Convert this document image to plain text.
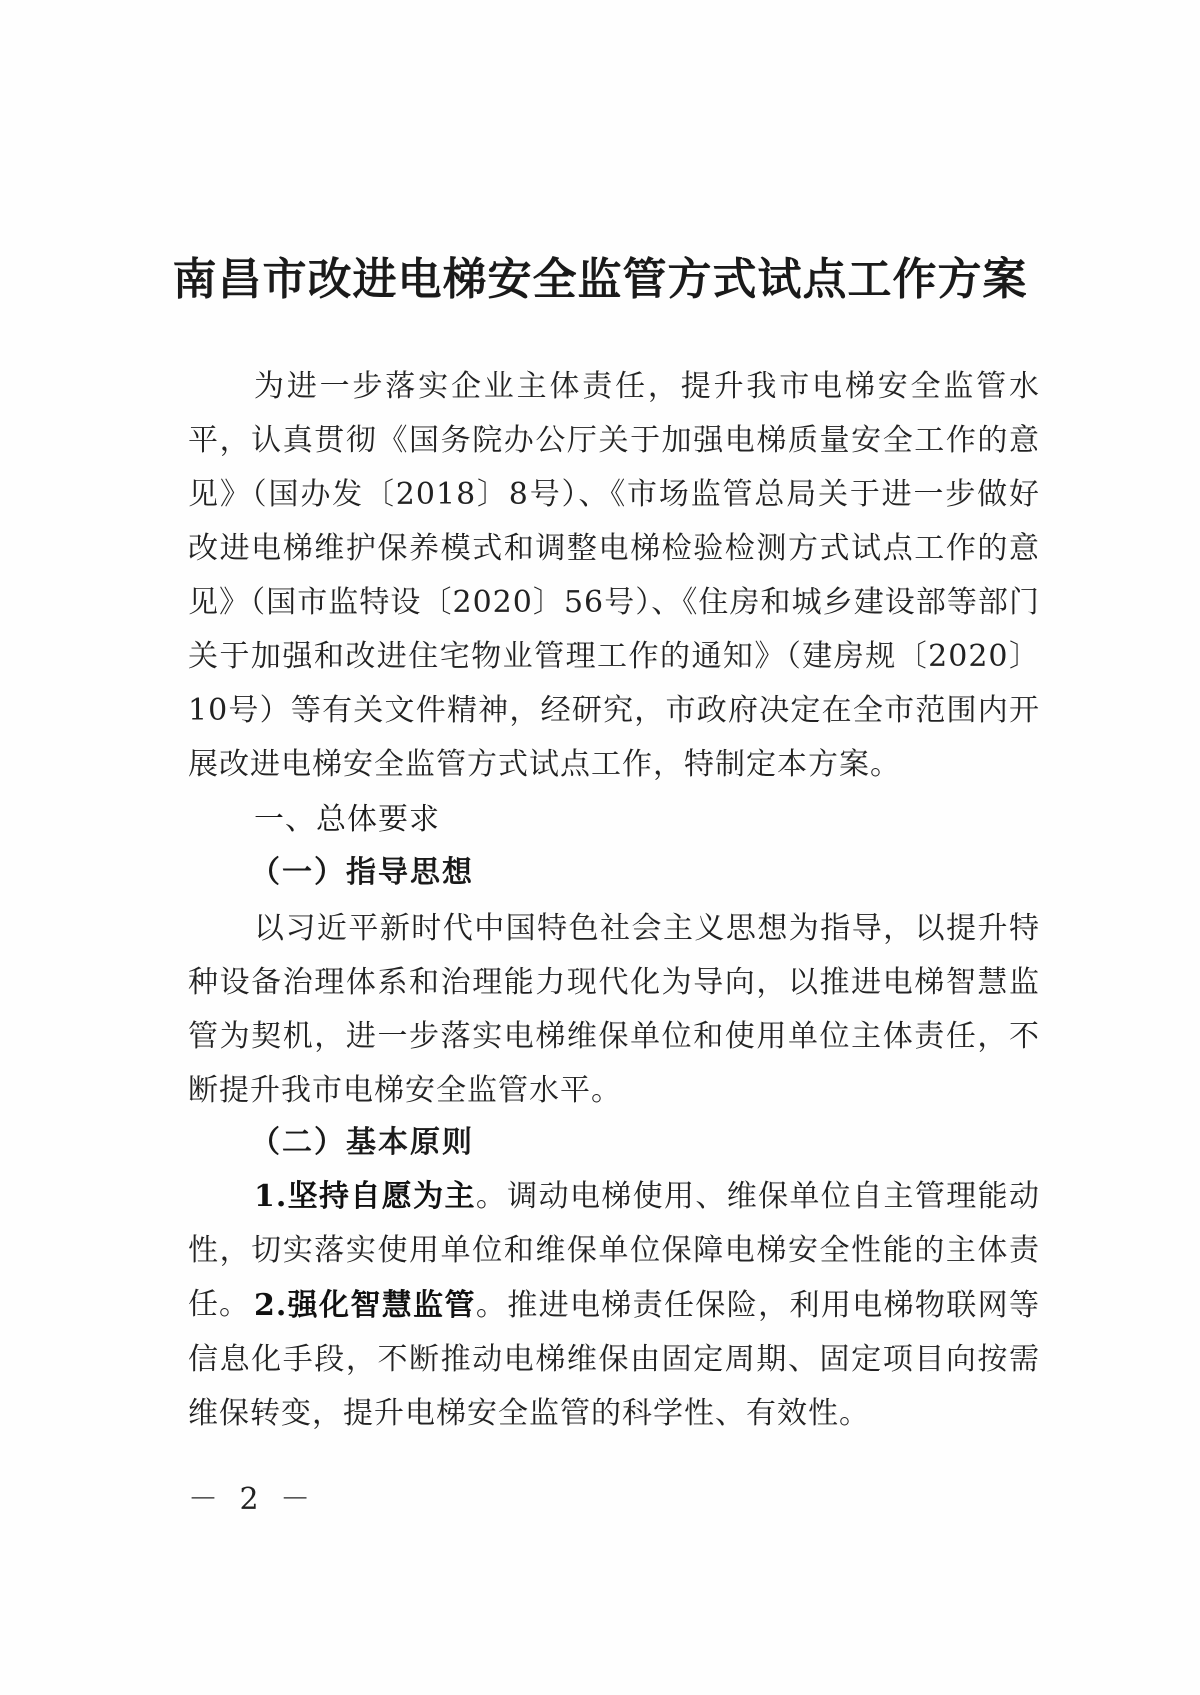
南昌市改进电梯安全监管方式试点工作方案
为进一步落实企业主体责任，提升我市电梯安全监管水平，认真贯彻《国务院办公厅关于加强电梯质量安全工作的意见》（国办发〔2018〕8号）、《市场监管总局关于进一步做好改进电梯维护保养模式和调整电梯检验检测方式试点工作的意见》（国市监特设〔2020〕56号）、《住房和城乡建设部等部门关于加强和改进住宅物业管理工作的通知》（建房规〔2020〕10号）等有关文件精神，经研究，市政府决定在全市范围内开展改进电梯安全监管方式试点工作，特制定本方案。
一、总体要求
（一）指导思想
以习近平新时代中国特色社会主义思想为指导，以提升特种设备治理体系和治理能力现代化为导向，以推进电梯智慧监管为契机，进一步落实电梯维保单位和使用单位主体责任，不断提升我市电梯安全监管水平。
（二）基本原则
1.坚持自愿为主。调动电梯使用、维保单位自主管理能动性，切实落实使用单位和维保单位保障电梯安全性能的主体责任。 2.强化智慧监管。推进电梯责任保险，利用电梯物联网等信息化手段，不断推动电梯维保由固定周期、固定项目向按需维保转变，提升电梯安全监管的科学性、有效性。
－ 2 －
